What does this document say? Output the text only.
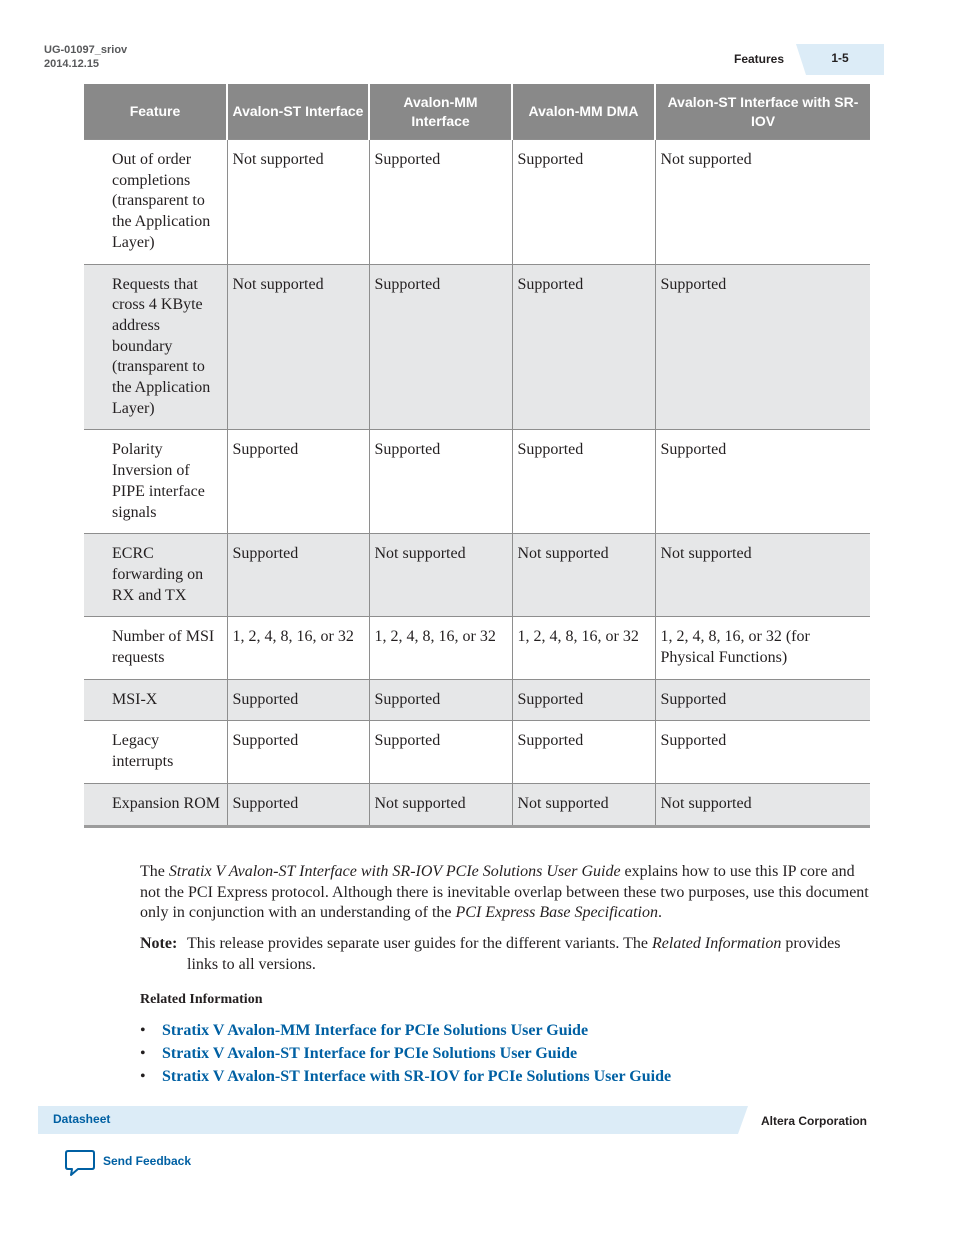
UG-01097_sriov
2014.12.15	Features	1-5
Feature	Avalon-ST Interface	Avalon-MM Interface	Avalon-MM DMA	Avalon-ST Interface with SR-IOV
Out of order completions (transparent to the Application Layer)	Not supported	Supported	Supported	Not supported
Requests that cross 4 KByte address boundary (transparent to the Application Layer)	Not supported	Supported	Supported	Supported
Polarity Inversion of PIPE interface signals	Supported	Supported	Supported	Supported
ECRC forwarding on RX and TX	Supported	Not supported	Not supported	Not supported
Number of MSI requests	1, 2, 4, 8, 16, or 32	1, 2, 4, 8, 16, or 32	1, 2, 4, 8, 16, or 32	1, 2, 4, 8, 16, or 32 (for Physical Functions)
MSI-X	Supported	Supported	Supported	Supported
Legacy interrupts	Supported	Supported	Supported	Supported
Expansion ROM	Supported	Not supported	Not supported	Not supported
The Stratix V Avalon-ST Interface with SR-IOV PCIe Solutions User Guide explains how to use this IP core and not the PCI Express protocol. Although there is inevitable overlap between these two purposes, use this document only in conjunction with an understanding of the PCI Express Base Specification.
Note: This release provides separate user guides for the different variants. The Related Information provides links to all versions.
Related Information
• Stratix V Avalon-MM Interface for PCIe Solutions User Guide
• Stratix V Avalon-ST Interface for PCIe Solutions User Guide
• Stratix V Avalon-ST Interface with SR-IOV for PCIe Solutions User Guide
Datasheet	Altera Corporation
Send Feedback
